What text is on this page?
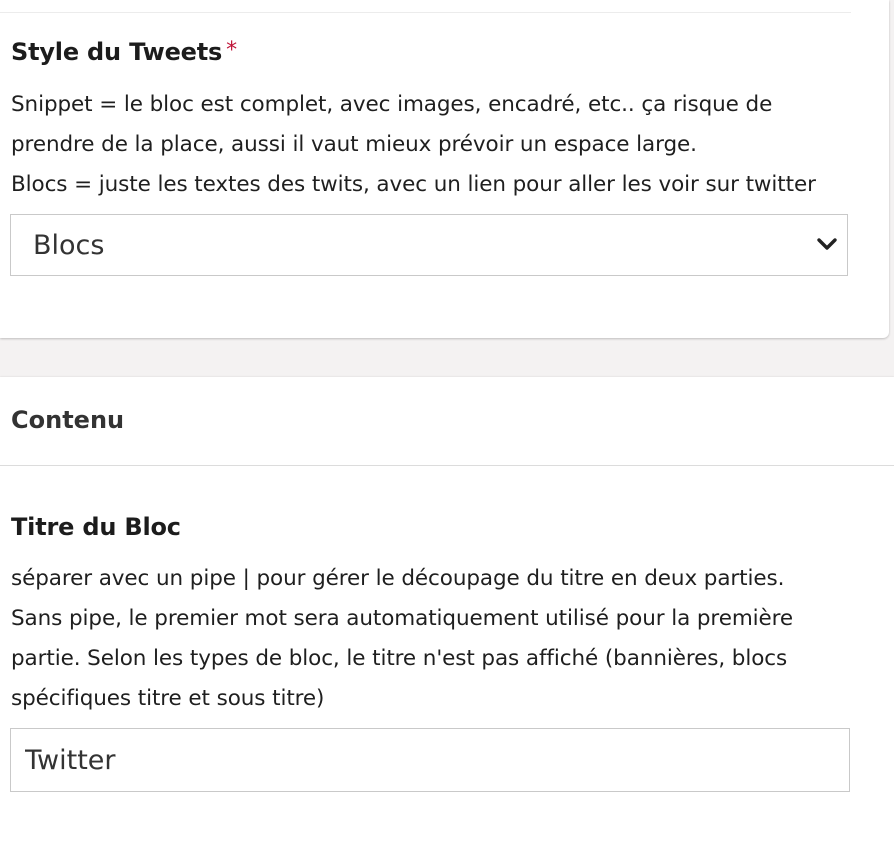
Style du Tweets *
Snippet = le bloc est complet, avec images, encadré, etc.. ça risque de
prendre de la place, aussi il vaut mieux prévoir un espace large.
Blocs = juste les textes des twits, avec un lien pour aller les voir sur twitter
Blocs
Contenu
Titre du Bloc
séparer avec un pipe | pour gérer le découpage du titre en deux parties.
Sans pipe, le premier mot sera automatiquement utilisé pour la première
partie. Selon les types de bloc, le titre n'est pas affiché (bannières, blocs
spécifiques titre et sous titre)
Twitter
